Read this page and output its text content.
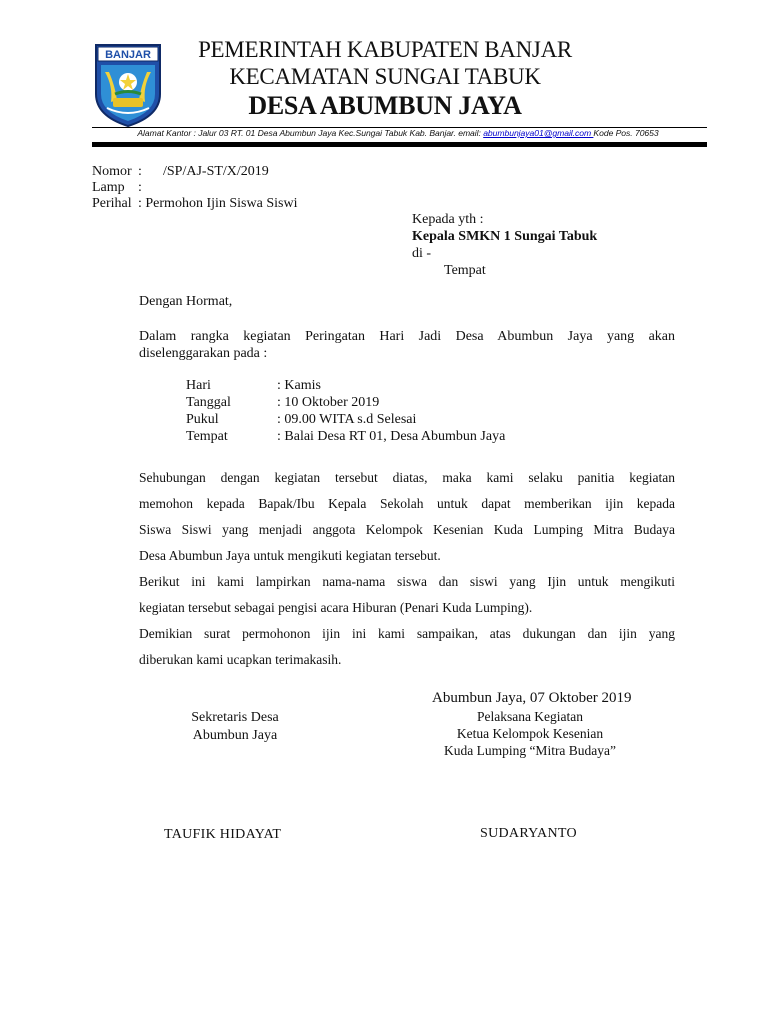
BANJAR	PEMERINTAH KABUPATEN BANJAR
KECAMATAN SUNGAI TABUK
DESA ABUMBUN JAYA
Alamat Kantor : Jalur 03 RT. 01 Desa Abumbun Jaya Kec.Sungai Tabuk Kab. Banjar. email: abumbunjaya01@gmail.com Kode Pos. 70653
Nomor : /SP/AJ-ST/X/2019
Lamp :
Perihal : Permohon Ijin Siswa Siswi
Kepada yth :
Kepala SMKN 1 Sungai Tabuk
di -
Tempat
Dengan Hormat,
Dalam rangka kegiatan Peringatan Hari Jadi Desa Abumbun Jaya yang akan
diselenggarakan pada :
Hari	: Kamis
Tanggal	: 10 Oktober 2019
Pukul	: 09.00 WITA s.d Selesai
Tempat	: Balai Desa RT 01, Desa Abumbun Jaya
Sehubungan dengan kegiatan tersebut diatas, maka kami selaku panitia kegiatan
memohon kepada Bapak/Ibu Kepala Sekolah untuk dapat memberikan ijin kepada
Siswa Siswi yang menjadi anggota Kelompok Kesenian Kuda Lumping Mitra Budaya
Desa Abumbun Jaya untuk mengikuti kegiatan tersebut.
Berikut ini kami lampirkan nama-nama siswa dan siswi yang Ijin untuk mengikuti
kegiatan tersebut sebagai pengisi acara Hiburan (Penari Kuda Lumping).
Demikian surat permohonon ijin ini kami sampaikan, atas dukungan dan ijin yang
diberukan kami ucapkan terimakasih.
Abumbun Jaya, 07 Oktober 2019
Pelaksana Kegiatan
Ketua Kelompok Kesenian
Kuda Lumping “Mitra Budaya”
Sekretaris Desa
Abumbun Jaya
TAUFIK HIDAYAT	SUDARYANTO
